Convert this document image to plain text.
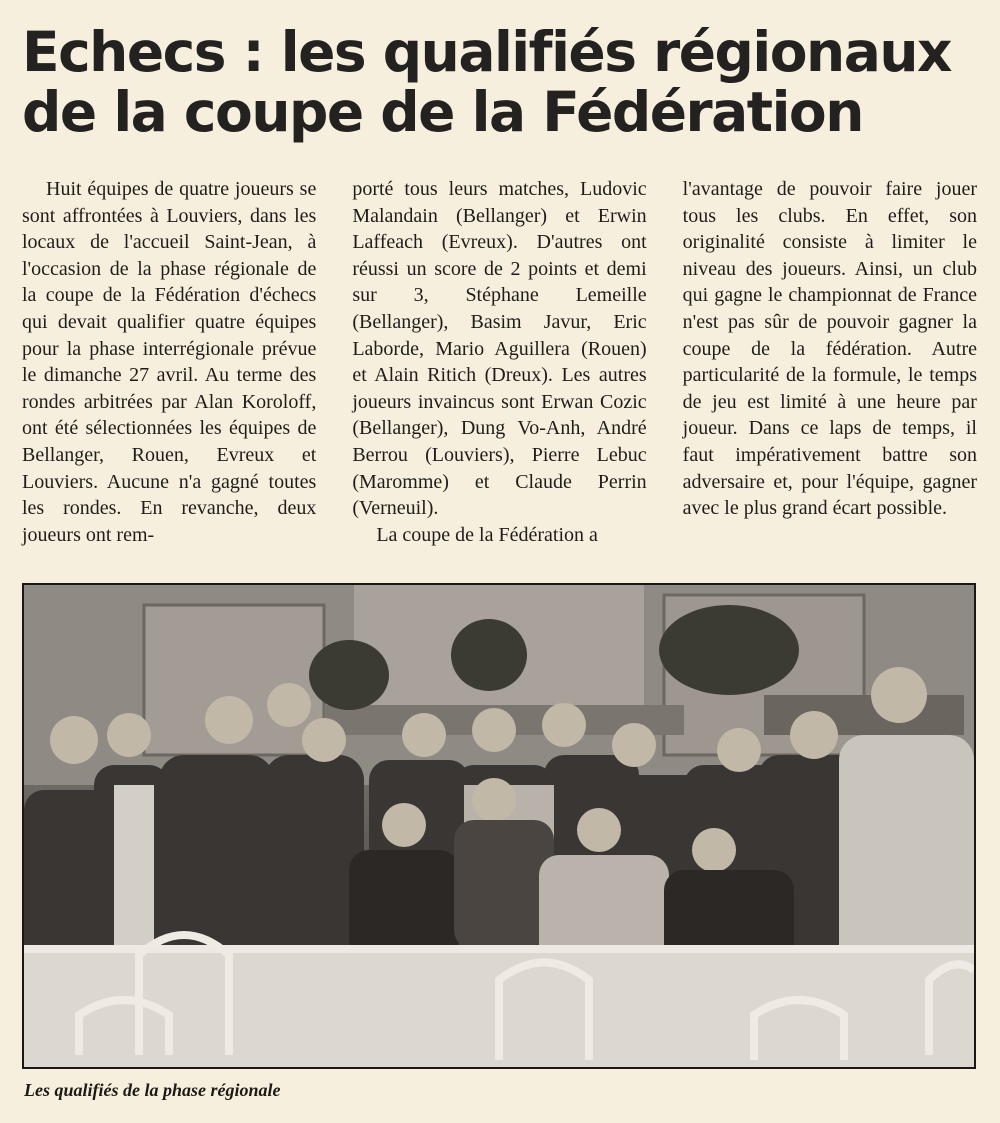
Echecs : les qualifiés régionaux
de la coupe de la Fédération

Huit équipes de quatre joueurs se sont affrontées à Louviers, dans les locaux de l'accueil Saint-Jean, à l'occasion de la phase régionale de la coupe de la Fédération d'échecs qui devait qualifier quatre équipes pour la phase interrégionale prévue le dimanche 27 avril. Au terme des rondes arbitrées par Alan Koroloff, ont été sélectionnées les équipes de Bellanger, Rouen, Evreux et Louviers. Aucune n'a gagné toutes les rondes. En revanche, deux joueurs ont rem-

porté tous leurs matches, Ludovic Malandain (Bellanger) et Erwin Laffeach (Evreux). D'autres ont réussi un score de 2 points et demi sur 3, Stéphane Lemeille (Bellanger), Basim Javur, Eric Laborde, Mario Aguillera (Rouen) et Alain Ritich (Dreux). Les autres joueurs invaincus sont Erwan Cozic (Bellanger), Dung Vo-Anh, André Berrou (Louviers), Pierre Lebuc (Maromme) et Claude Perrin (Verneuil).

La coupe de la Fédération a

l'avantage de pouvoir faire jouer tous les clubs. En effet, son originalité consiste à limiter le niveau des joueurs. Ainsi, un club qui gagne le championnat de France n'est pas sûr de pouvoir gagner la coupe de la fédération. Autre particularité de la formule, le temps de jeu est limité à une heure par joueur. Dans ce laps de temps, il faut impérativement battre son adversaire et, pour l'équipe, gagner avec le plus grand écart possible.

Les qualifiés de la phase régionale
